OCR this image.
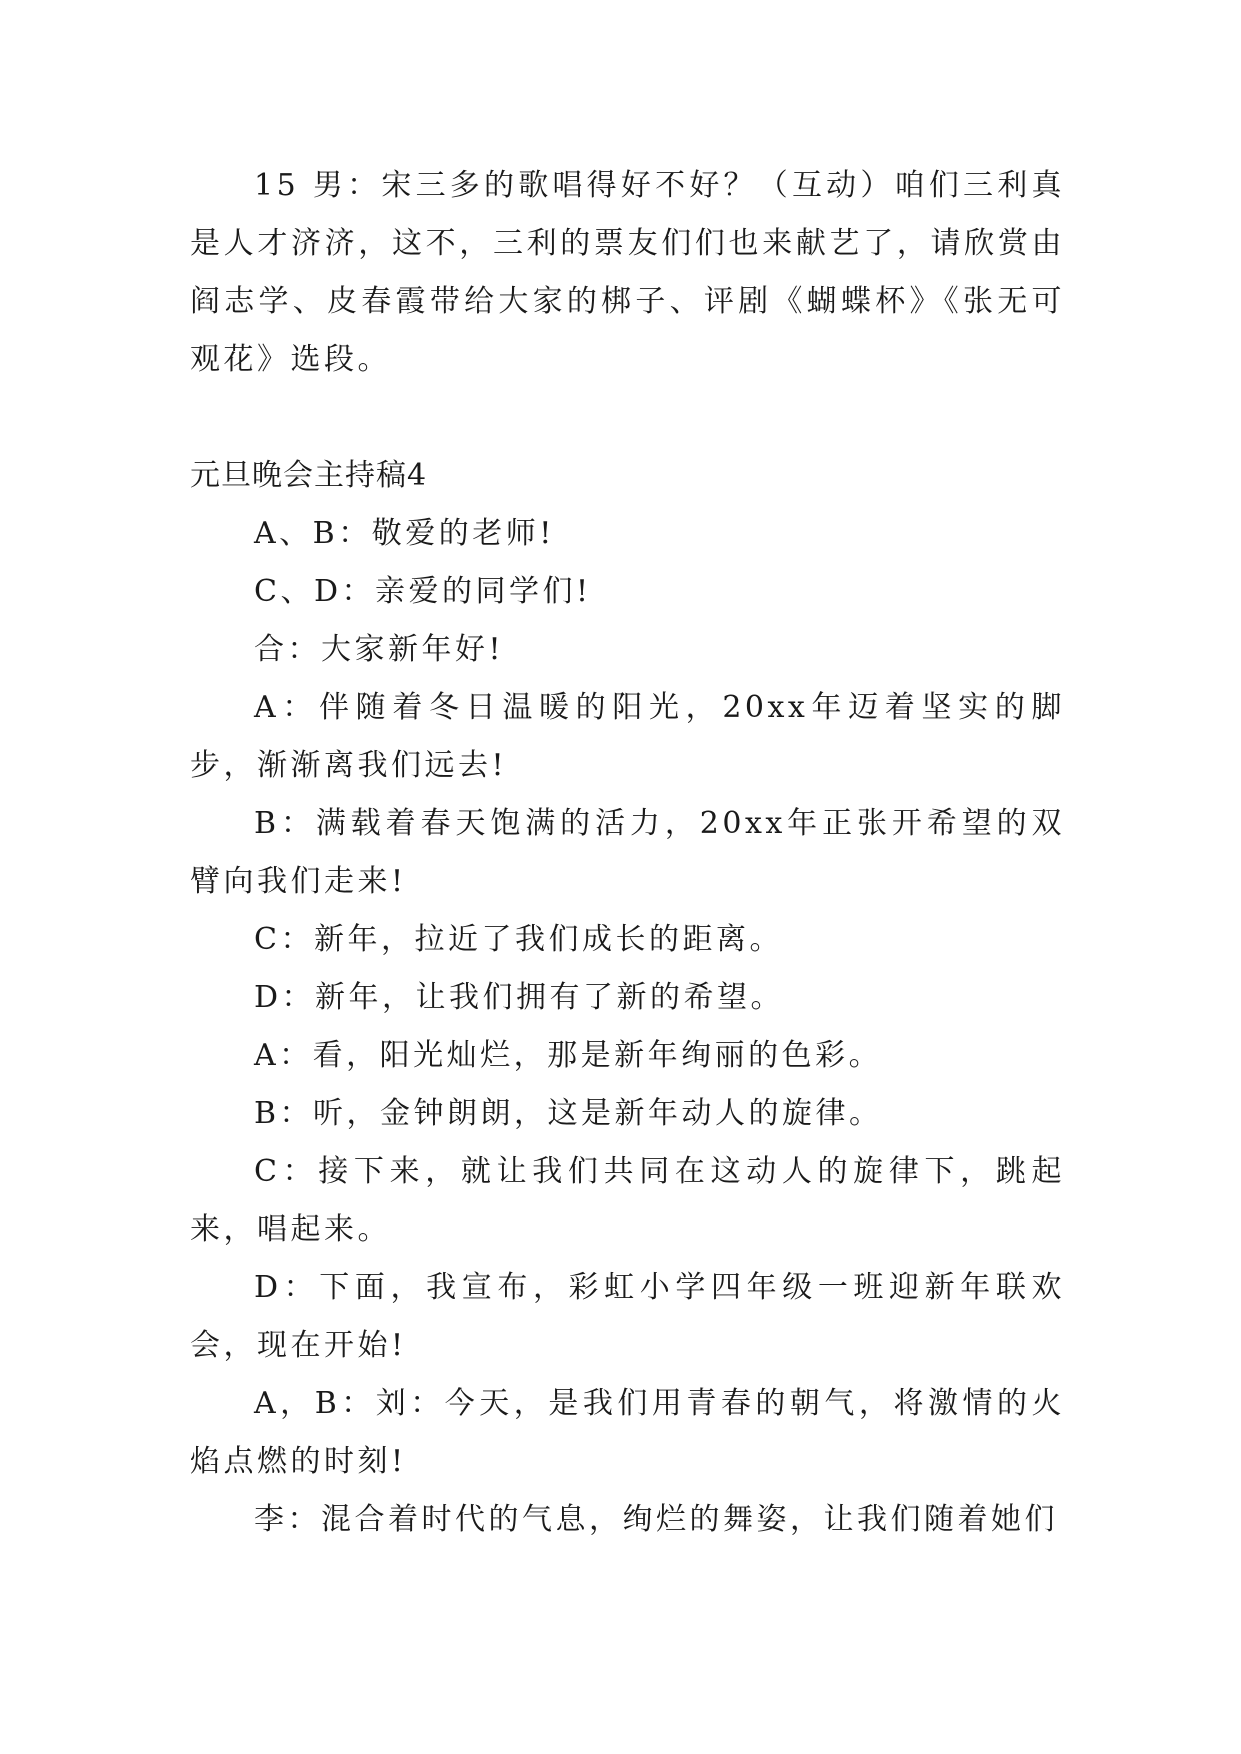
15 男：宋三多的歌唱得好不好？（互动）咱们三利真是人才济济，这不，三利的票友们们也来献艺了，请欣赏由阎志学、皮春霞带给大家的梆子、评剧《蝴蝶杯》《张无可观花》选段。

元旦晚会主持稿4

A、B：敬爱的老师!

C、D：亲爱的同学们!

合：大家新年好!

A：伴随着冬日温暖的阳光，20xx年迈着坚实的脚步，渐渐离我们远去!

B：满载着春天饱满的活力，20xx年正张开希望的双臂向我们走来!

C：新年，拉近了我们成长的距离。

D：新年，让我们拥有了新的希望。

A：看，阳光灿烂，那是新年绚丽的色彩。

B：听，金钟朗朗，这是新年动人的旋律。

C：接下来，就让我们共同在这动人的旋律下，跳起来，唱起来。

D：下面，我宣布，彩虹小学四年级一班迎新年联欢会，现在开始!

A，B：刘：今天，是我们用青春的朝气，将激情的火焰点燃的时刻!

李：混合着时代的气息，绚烂的舞姿，让我们随着她们
